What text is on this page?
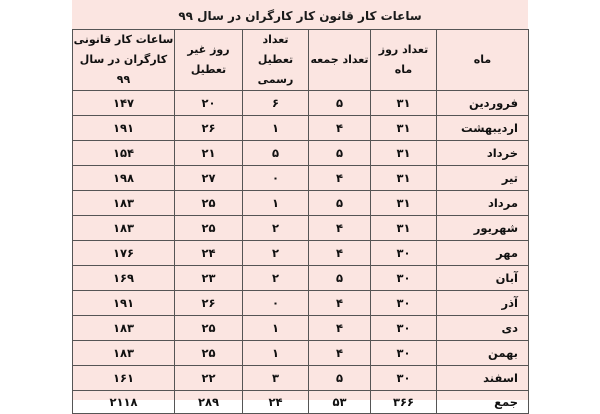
ساعات کار قانون کار کارگران در سال ۹۹
ماه	تعداد روز ماه	تعداد جمعه	تعداد تعطیل رسمی	روز غیر تعطیل	ساعات کار قانونی کارگران در سال ۹۹
فروردین	۳۱	۵	۶	۲۰	۱۴۷
اردیبهشت	۳۱	۴	۱	۲۶	۱۹۱
خرداد	۳۱	۵	۵	۲۱	۱۵۴
تیر	۳۱	۴	۰	۲۷	۱۹۸
مرداد	۳۱	۵	۱	۲۵	۱۸۳
شهریور	۳۱	۴	۲	۲۵	۱۸۳
مهر	۳۰	۴	۲	۲۴	۱۷۶
آبان	۳۰	۵	۲	۲۳	۱۶۹
آذر	۳۰	۴	۰	۲۶	۱۹۱
دی	۳۰	۴	۱	۲۵	۱۸۳
بهمن	۳۰	۴	۱	۲۵	۱۸۳
اسفند	۳۰	۵	۳	۲۲	۱۶۱
جمع	۳۶۶	۵۳	۲۴	۲۸۹	۲۱۱۸
